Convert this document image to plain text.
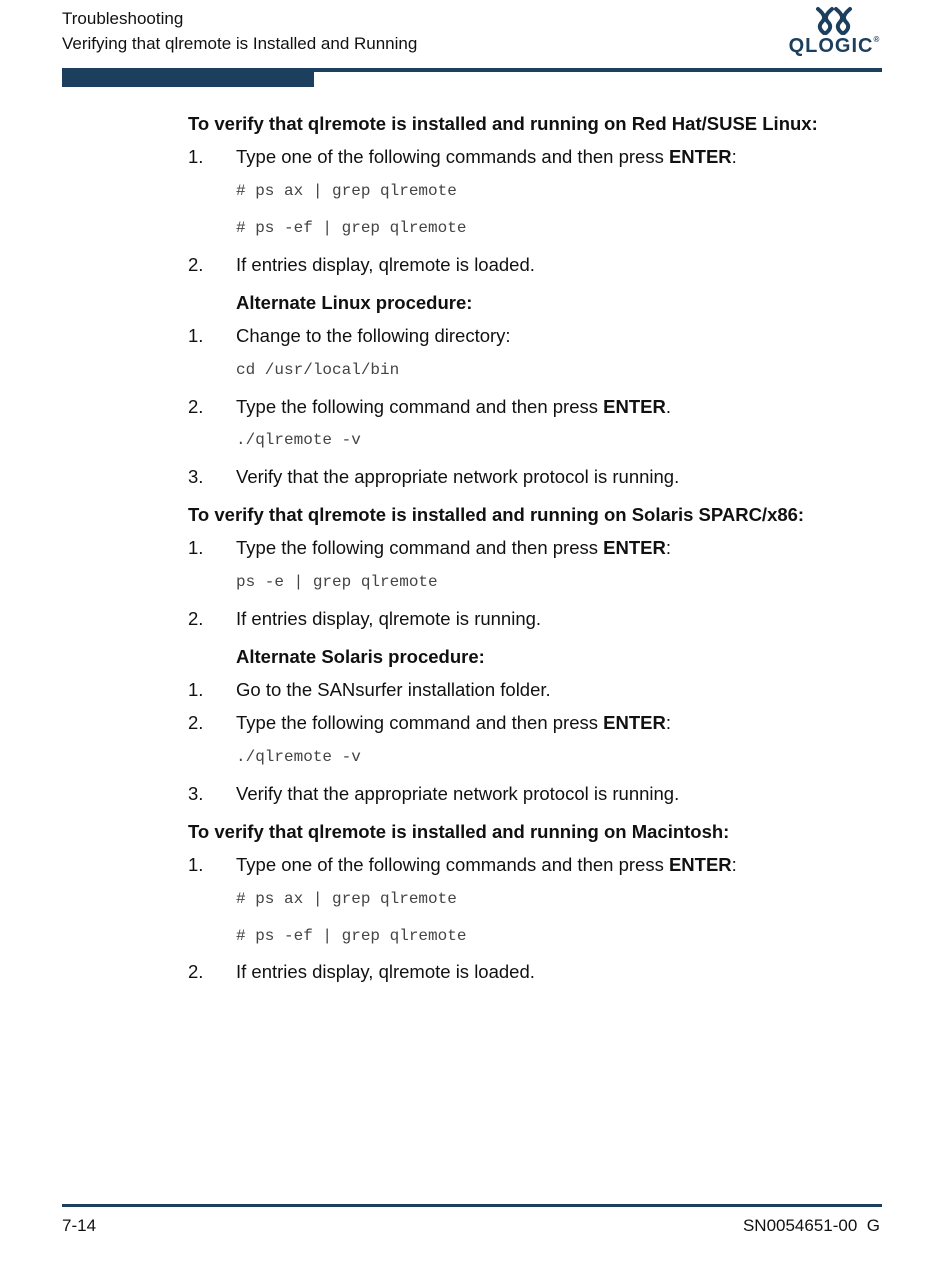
Troubleshooting
Verifying that qlremote is Installed and Running	QLOGIC®
To verify that qlremote is installed and running on Red Hat/SUSE Linux:
1. Type one of the following commands and then press ENTER:
# ps ax | grep qlremote
# ps -ef | grep qlremote
2. If entries display, qlremote is loaded.
Alternate Linux procedure:
1. Change to the following directory:
cd /usr/local/bin
2. Type the following command and then press ENTER.
./qlremote -v
3. Verify that the appropriate network protocol is running.
To verify that qlremote is installed and running on Solaris SPARC/x86:
1. Type the following command and then press ENTER:
ps -e | grep qlremote
2. If entries display, qlremote is running.
Alternate Solaris procedure:
1. Go to the SANsurfer installation folder.
2. Type the following command and then press ENTER:
./qlremote -v
3. Verify that the appropriate network protocol is running.
To verify that qlremote is installed and running on Macintosh:
1. Type one of the following commands and then press ENTER:
# ps ax | grep qlremote
# ps -ef | grep qlremote
2. If entries display, qlremote is loaded.
7-14	SN0054651-00  G
